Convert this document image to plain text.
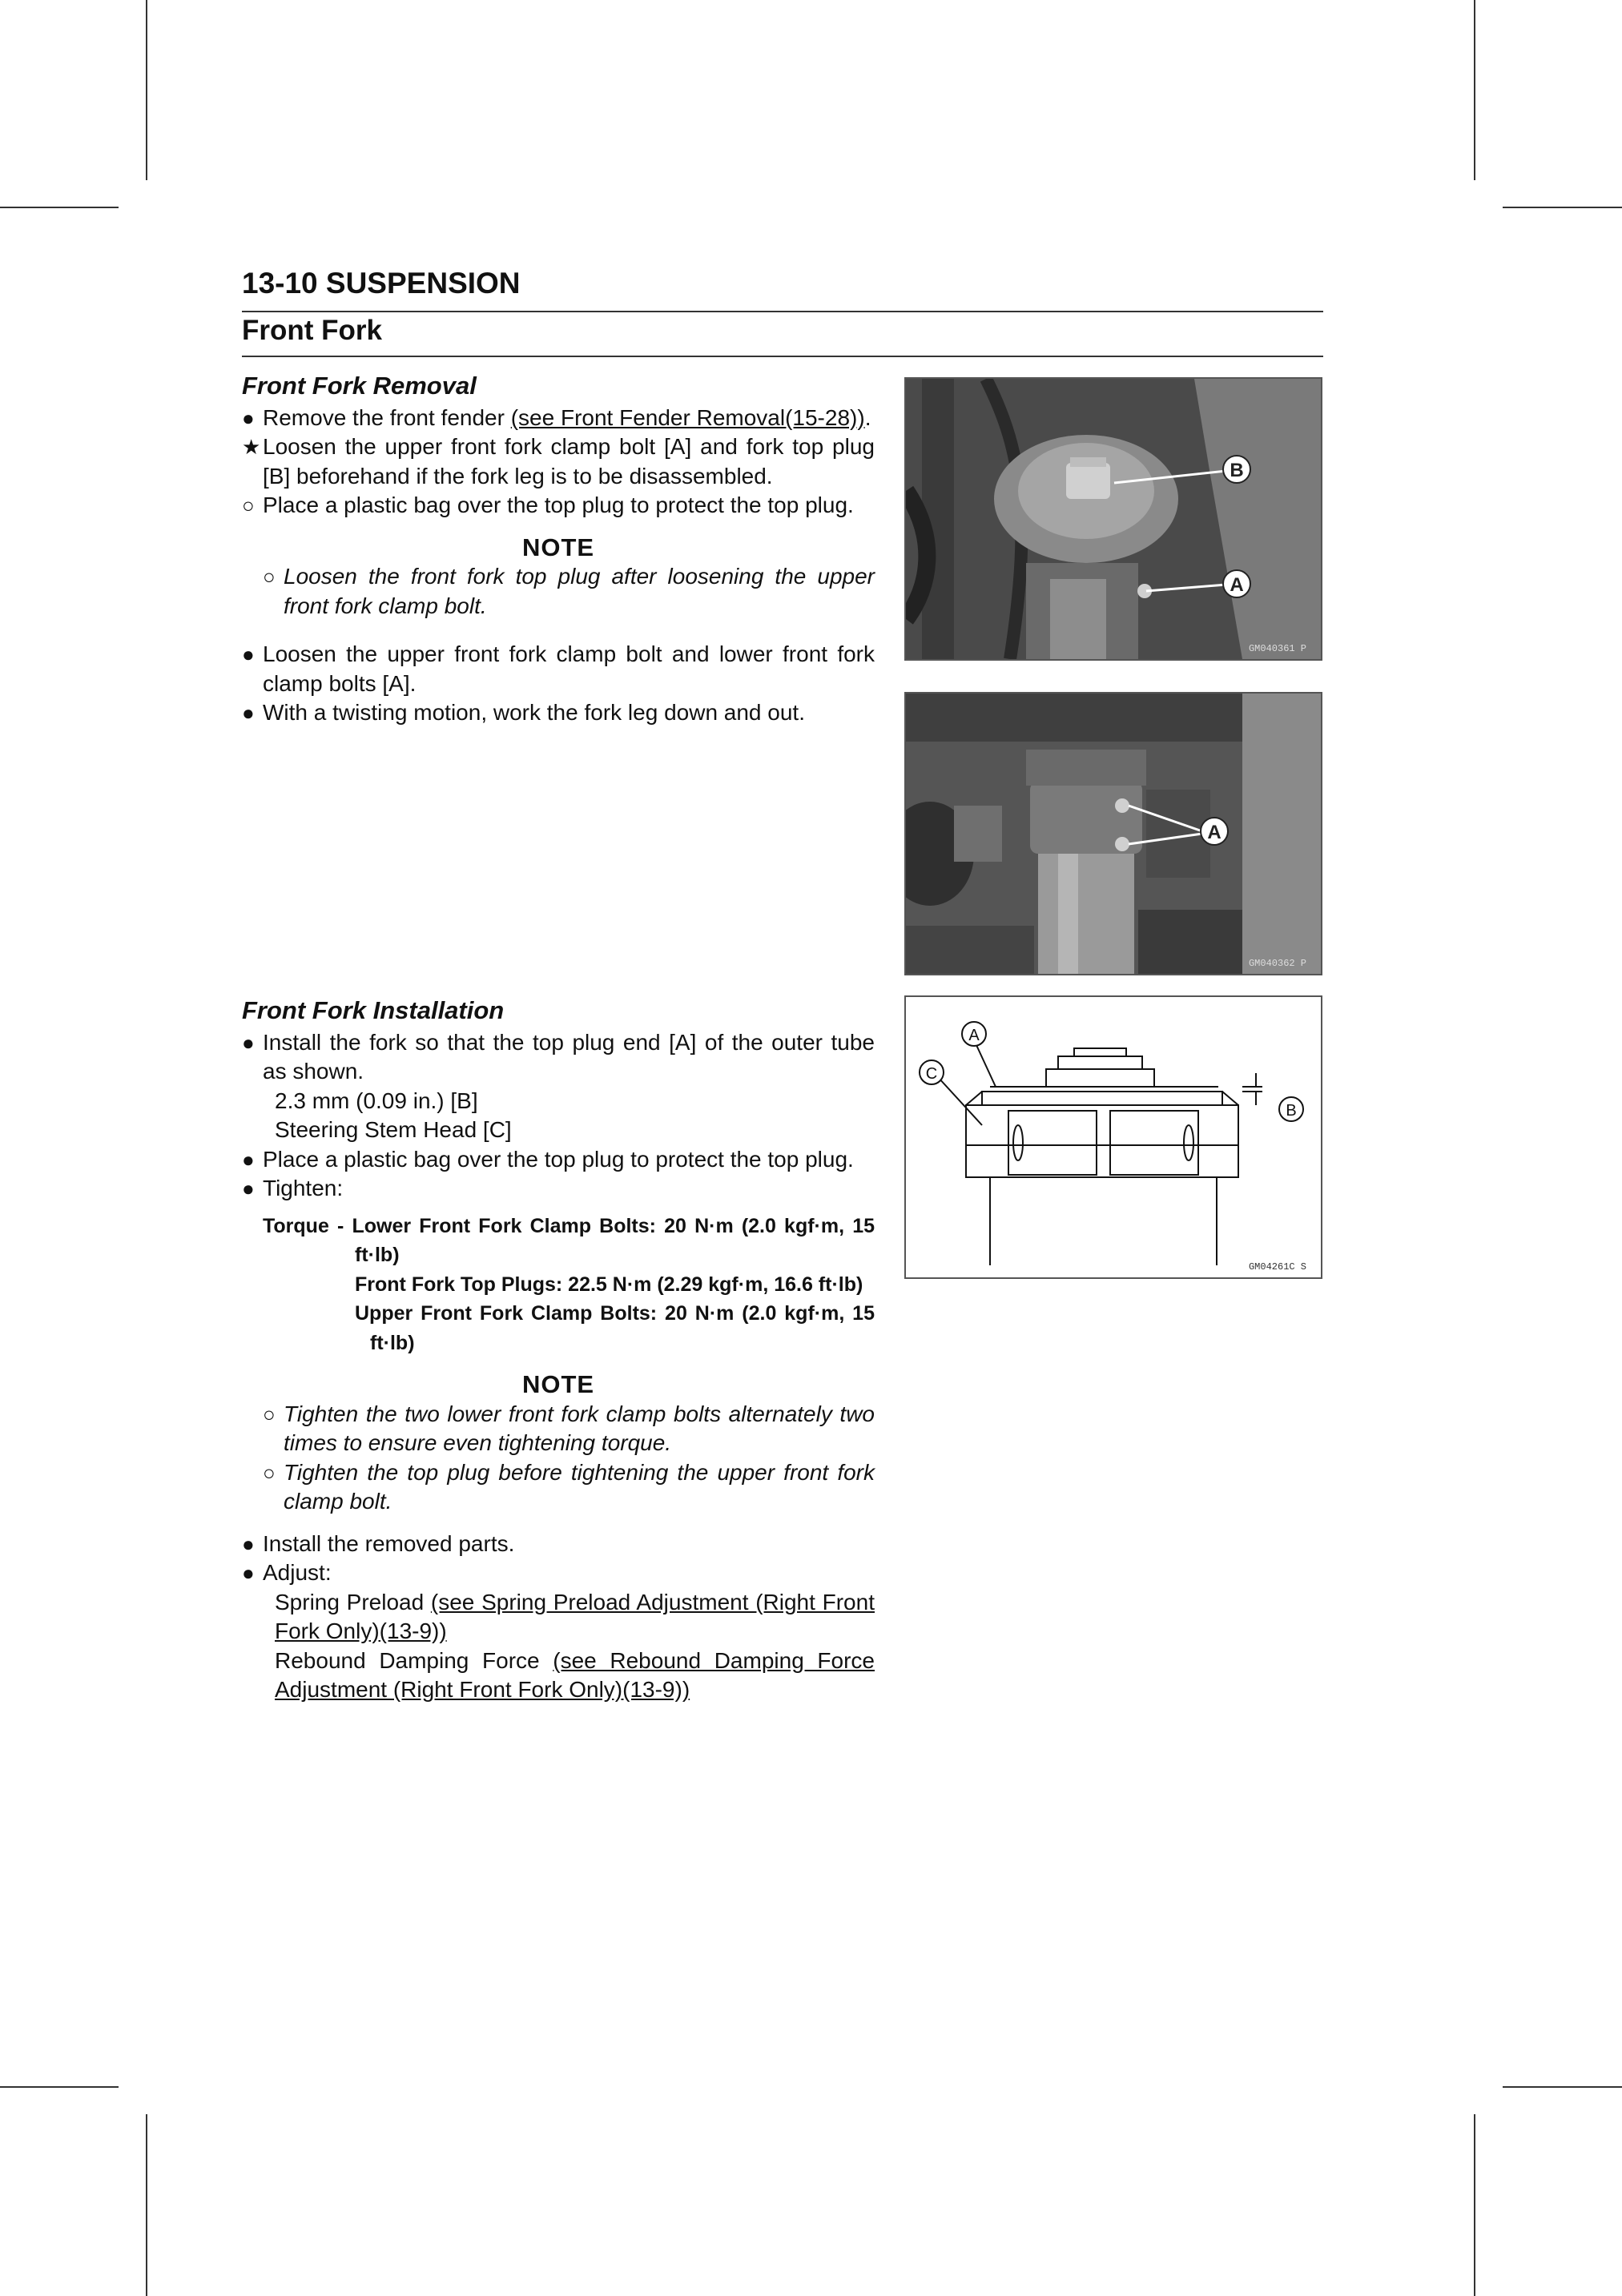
13-10 SUSPENSION
Front Fork
Front Fork Removal

● Remove the front fender (see Front Fender Removal(15-28)).

★ Loosen the upper front fork clamp bolt [A] and fork top plug [B] beforehand if the fork leg is to be disassembled.

○ Place a plastic bag over the top plug to protect the top plug.

NOTE

○ Loosen the front fork top plug after loosening the upper front fork clamp bolt.

● Loosen the upper front fork clamp bolt and lower front fork clamp bolts [A].

● With a twisting motion, work the fork leg down and out.

Front Fork Installation

● Install the fork so that the top plug end [A] of the outer tube as shown.

2.3 mm (0.09 in.) [B]

Steering Stem Head [C]

● Place a plastic bag over the top plug to protect the top plug.

● Tighten:

Torque - Lower Front Fork Clamp Bolts: 20 N·m (2.0 kgf·m, 15 ft·lb)
Front Fork Top Plugs: 22.5 N·m (2.29 kgf·m, 16.6 ft·lb)
Upper Front Fork Clamp Bolts: 20 N·m (2.0 kgf·m, 15 ft·lb)

NOTE

○ Tighten the two lower front fork clamp bolts alternately two times to ensure even tightening torque.

○ Tighten the top plug before tightening the upper front fork clamp bolt.

● Install the removed parts.

● Adjust:

Spring Preload (see Spring Preload Adjustment (Right Front Fork Only)(13-9))

Rebound Damping Force (see Rebound Damping Force Adjustment (Right Front Fork Only)(13-9))

B
A
GM040361 P
A
GM040362 P
A
C
B
GM04261C S
